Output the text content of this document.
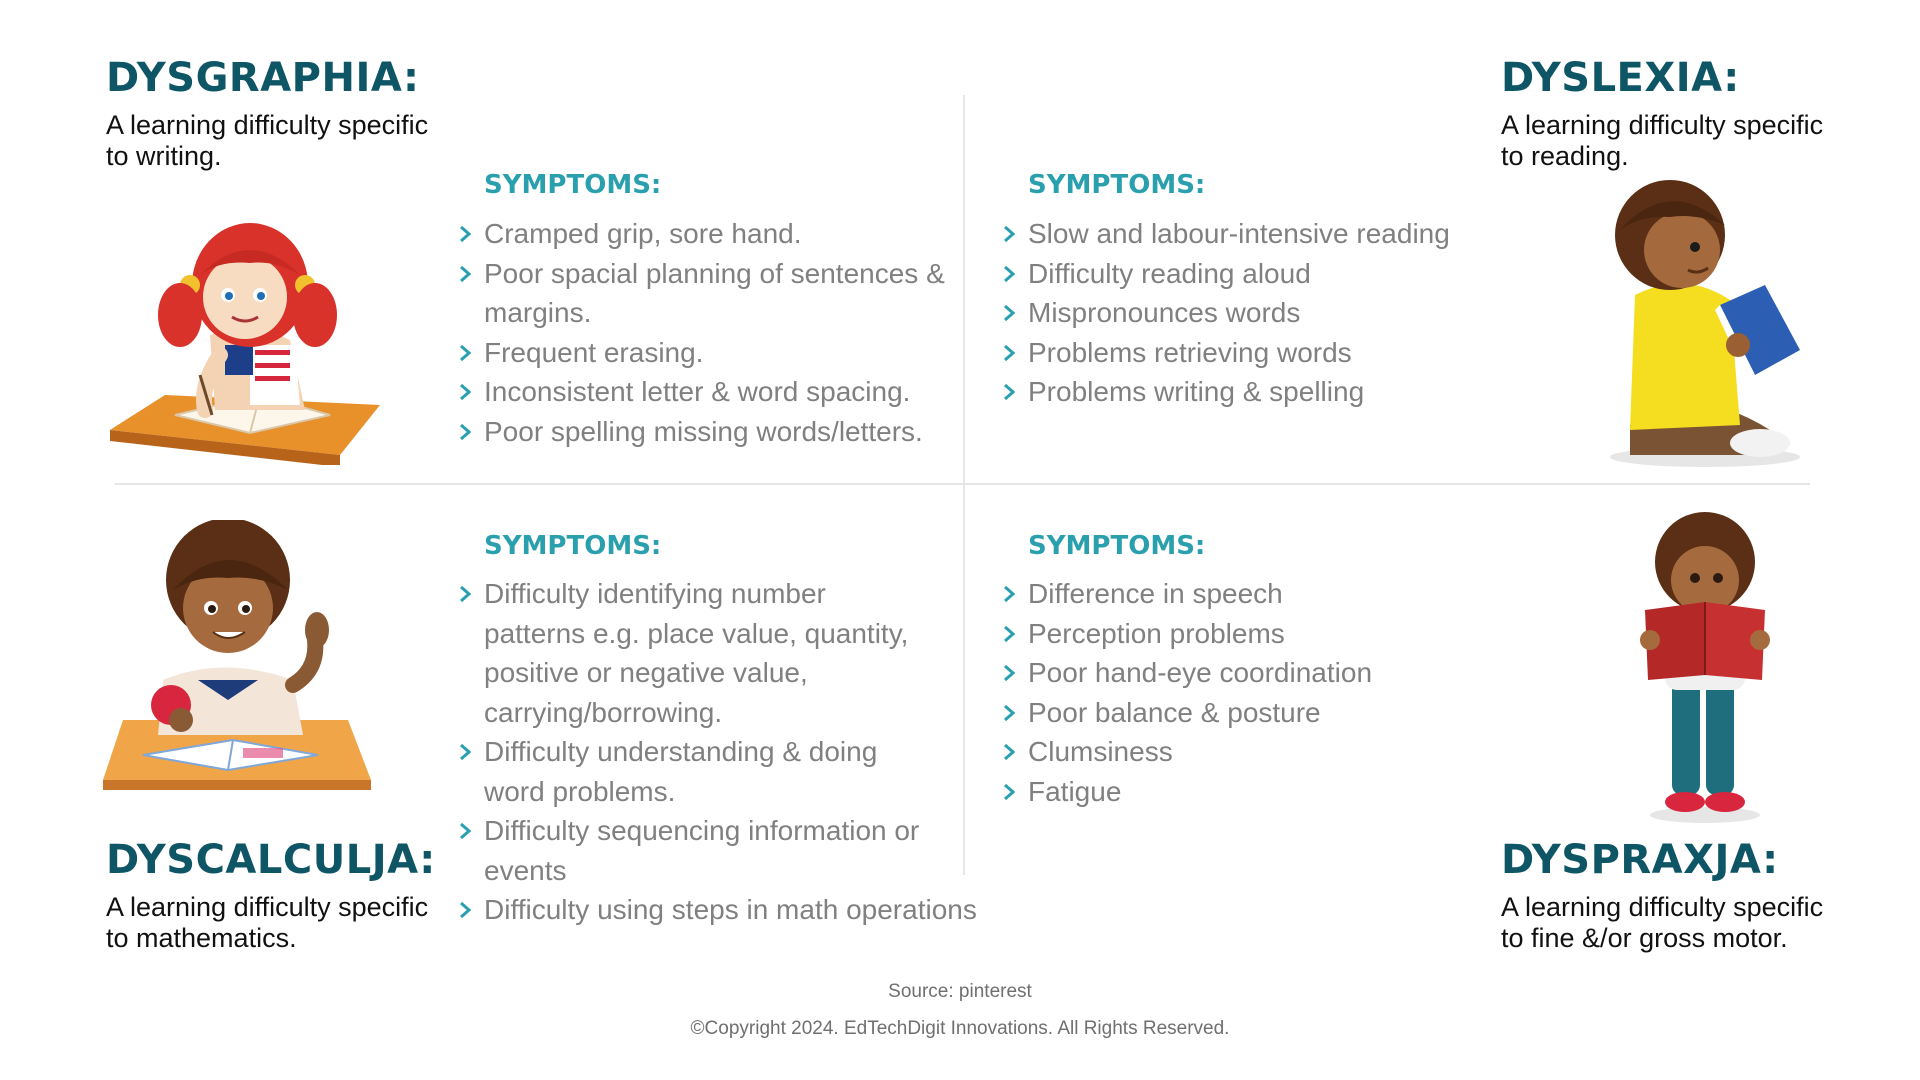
DYSGRAPHIA:
A learning difficulty specific to writing.
SYMPTOMS:
Cramped grip, sore hand.
Poor spacial planning of sentences & margins.
Frequent erasing.
Inconsistent letter & word spacing.
Poor spelling missing words/letters.
DYSLEXIA:
A learning difficulty specific to reading.
SYMPTOMS:
Slow and labour-intensive reading
Difficulty reading aloud
Mispronounces words
Problems retrieving words
Problems writing & spelling
DYSCALCULJA:
A learning difficulty specific to mathematics.
SYMPTOMS:
Difficulty identifying number patterns e.g. place value, quantity, positive or negative value, carrying/borrowing.
Difficulty understanding & doing word problems.
Difficulty sequencing information or events
Difficulty using steps in math operations
DYSPRAXJA:
A learning difficulty specific to fine &/or gross motor.
SYMPTOMS:
Difference in speech
Perception problems
Poor hand-eye coordination
Poor balance & posture
Clumsiness
Fatigue
Source: pinterest
©Copyright 2024. EdTechDigit Innovations. All Rights Reserved.
